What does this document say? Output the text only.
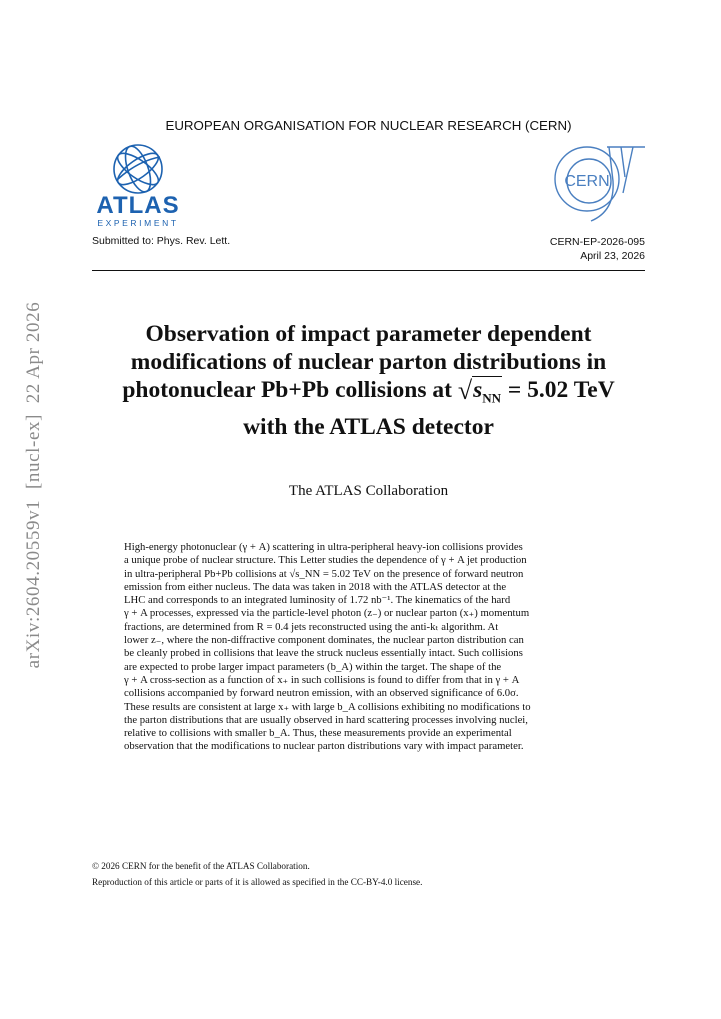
arXiv:2604.20559v1  [nucl-ex]  22 Apr 2026
EUROPEAN ORGANISATION FOR NUCLEAR RESEARCH (CERN)
ATLAS
EXPERIMENT
CERN
Submitted to: Phys. Rev. Lett.	CERN-EP-2026-095
April 23, 2026
Observation of impact parameter dependent
modifications of nuclear parton distributions in
photonuclear Pb+Pb collisions at $√s_{NN} = 5.02$ TeV
with the ATLAS detector
The ATLAS Collaboration
High-energy photonuclear (γ + A) scattering in ultra-peripheral heavy-ion collisions provides
a unique probe of nuclear structure. This Letter studies the dependence of γ + A jet production
in ultra-peripheral Pb+Pb collisions at √s_NN = 5.02 TeV on the presence of forward neutron
emission from either nucleus. The data was taken in 2018 with the ATLAS detector at the
LHC and corresponds to an integrated luminosity of 1.72 nb⁻¹. The kinematics of the hard
γ + A processes, expressed via the particle-level photon (z₋) or nuclear parton (x₊) momentum
fractions, are determined from R = 0.4 jets reconstructed using the anti-kₜ algorithm. At
lower z₋, where the non-diffractive component dominates, the nuclear parton distribution can
be cleanly probed in collisions that leave the struck nucleus essentially intact. Such collisions
are expected to probe larger impact parameters (b_A) within the target. The shape of the
γ + A cross-section as a function of x₊ in such collisions is found to differ from that in γ + A
collisions accompanied by forward neutron emission, with an observed significance of 6.0σ.
These results are consistent at large x₊ with large b_A collisions exhibiting no modifications to
the parton distributions that are usually observed in hard scattering processes involving nuclei,
relative to collisions with smaller b_A. Thus, these measurements provide an experimental
observation that the modifications to nuclear parton distributions vary with impact parameter.
© 2026 CERN for the benefit of the ATLAS Collaboration.
Reproduction of this article or parts of it is allowed as specified in the CC-BY-4.0 license.
